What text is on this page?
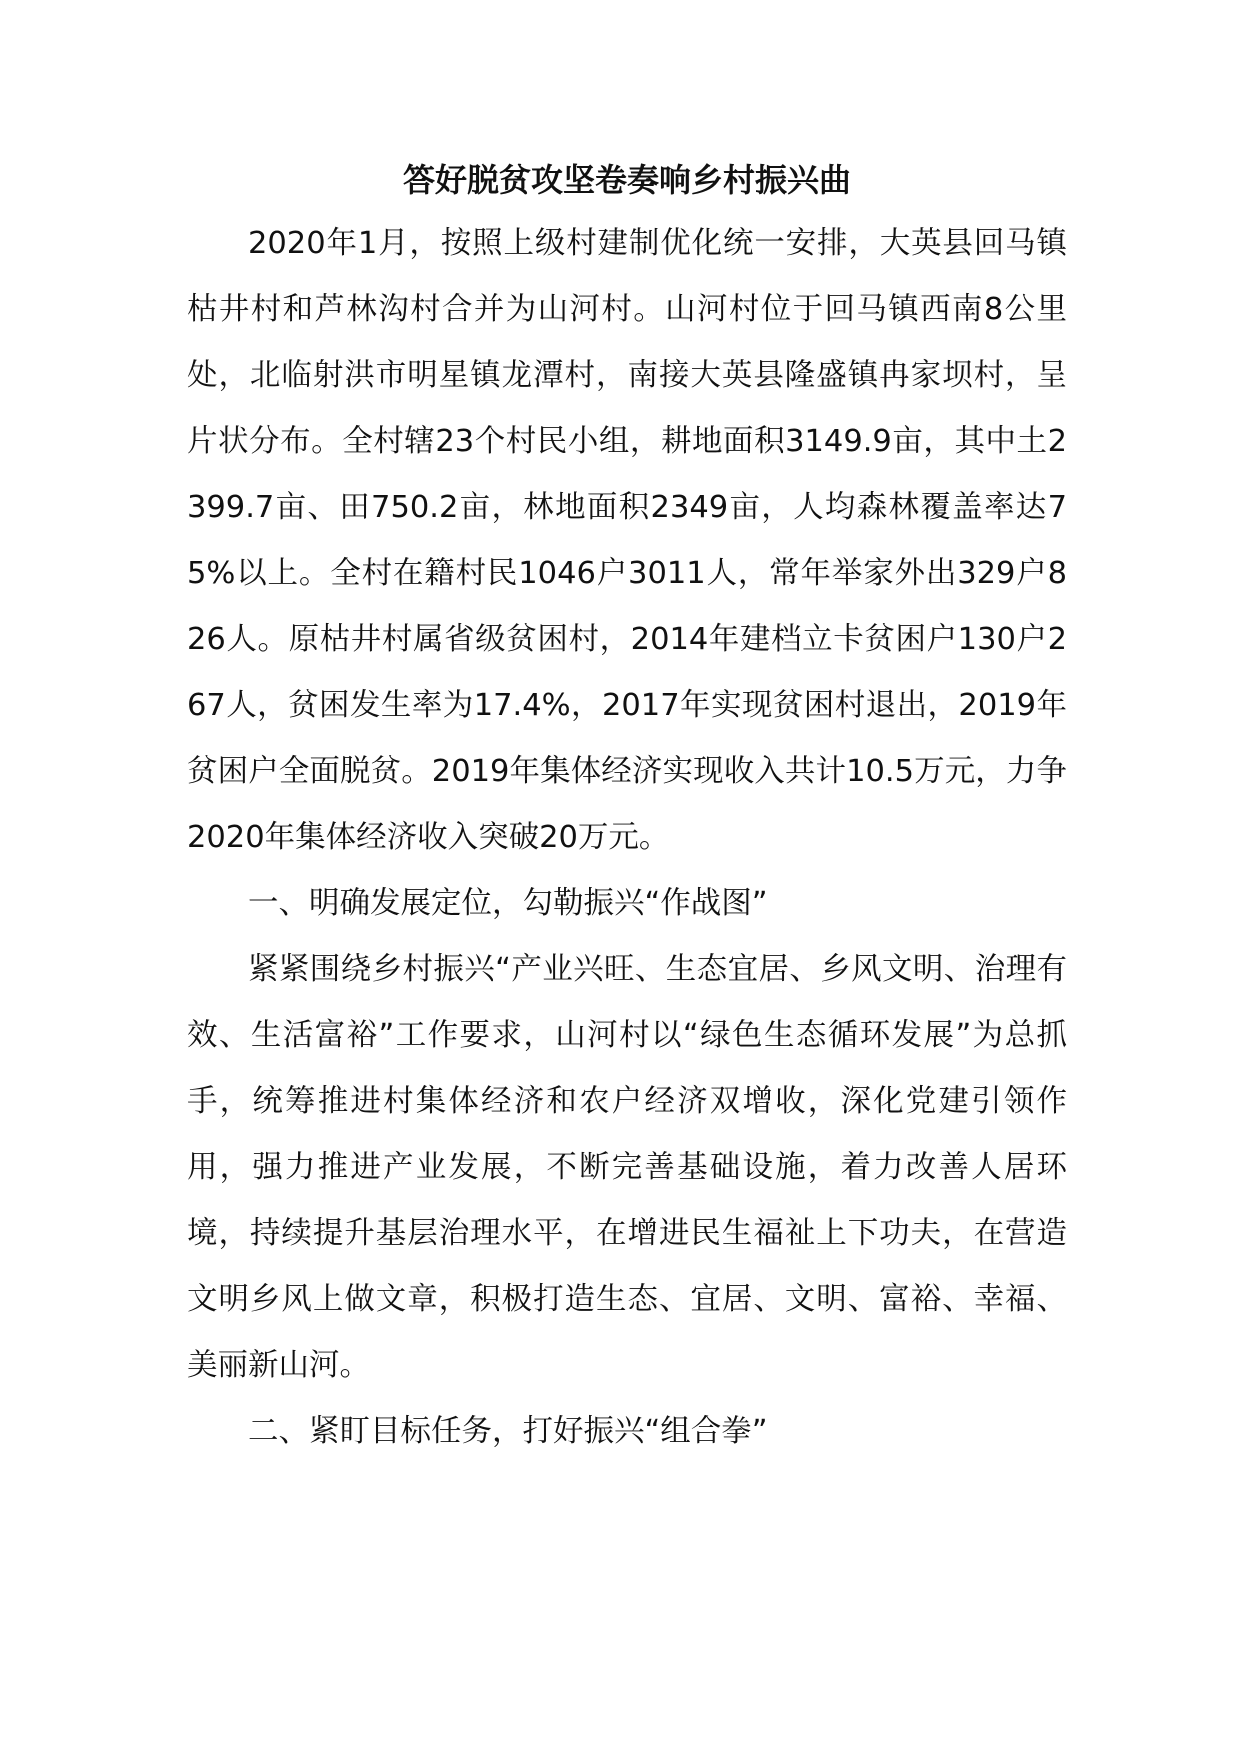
答好脱贫攻坚卷奏响乡村振兴曲

2020年1月，按照上级村建制优化统一安排，大英县回马镇枯井村和芦林沟村合并为山河村。山河村位于回马镇西南8公里处，北临射洪市明星镇龙潭村，南接大英县隆盛镇冉家坝村，呈片状分布。全村辖23个村民小组，耕地面积3149.9亩，其中土2399.7亩、田750.2亩，林地面积2349亩，人均森林覆盖率达75%以上。全村在籍村民1046户3011人，常年举家外出329户826人。原枯井村属省级贫困村，2014年建档立卡贫困户130户267人，贫困发生率为17.4%，2017年实现贫困村退出，2019年贫困户全面脱贫。2019年集体经济实现收入共计10.5万元，力争2020年集体经济收入突破20万元。

一、明确发展定位，勾勒振兴“作战图”

紧紧围绕乡村振兴“产业兴旺、生态宜居、乡风文明、治理有效、生活富裕”工作要求，山河村以“绿色生态循环发展”为总抓手，统筹推进村集体经济和农户经济双增收，深化党建引领作用，强力推进产业发展，不断完善基础设施，着力改善人居环境，持续提升基层治理水平，在增进民生福祉上下功夫，在营造文明乡风上做文章，积极打造生态、宜居、文明、富裕、幸福、美丽新山河。

二、紧盯目标任务，打好振兴“组合拳”
